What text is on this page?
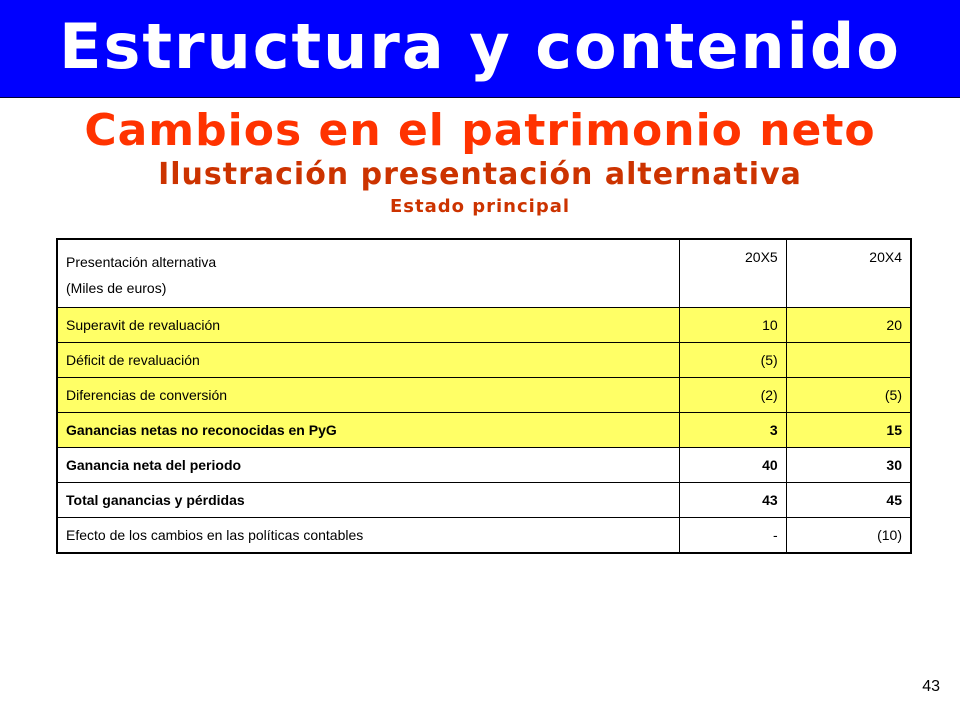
Estructura y contenido
Cambios en el patrimonio neto
Ilustración presentación alternativa
Estado principal
Presentación alternativa
(Miles de euros)	20X5	20X4
Superavit de revaluación	10	20
Déficit de revaluación	(5)	
Diferencias de conversión	(2)	(5)
Ganancias netas no reconocidas en PyG	3	15
Ganancia neta del periodo	40	30
Total ganancias y pérdidas	43	45
Efecto de los cambios en las políticas contables	-	(10)
43
